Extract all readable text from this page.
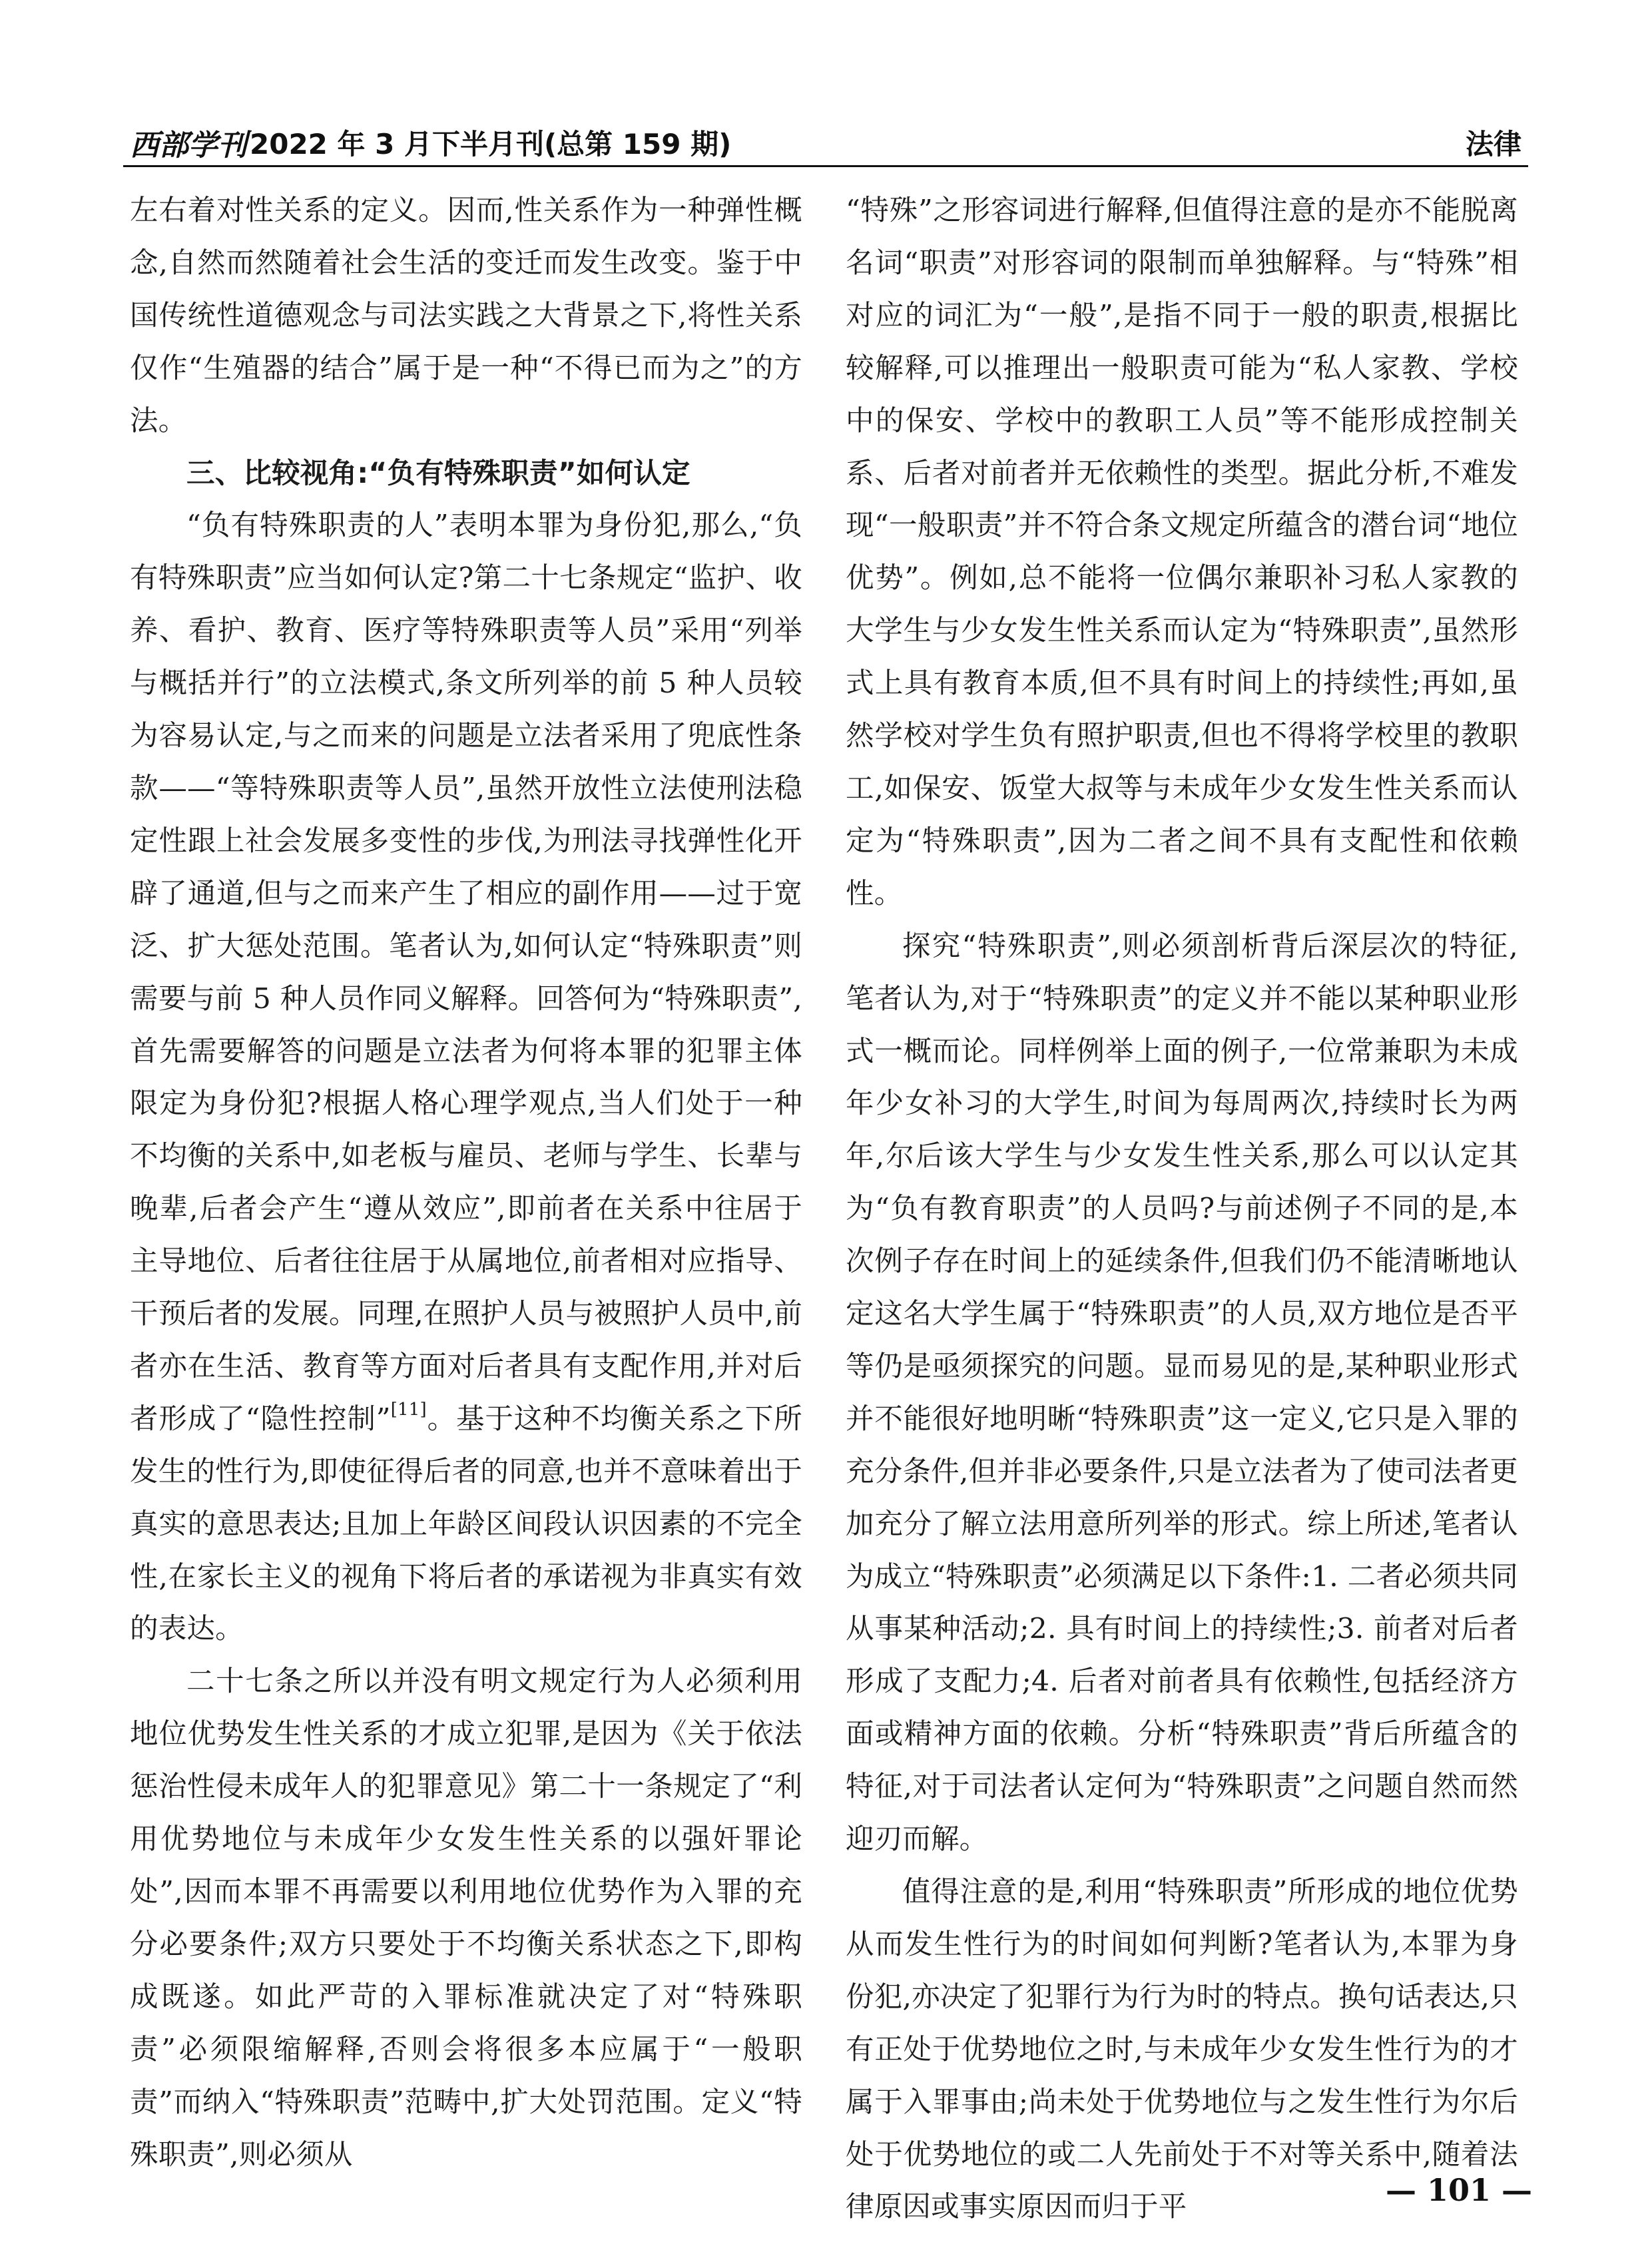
西部学刊 2022 年 3 月下半月刊(总第 159 期)	法律

左右着对性关系的定义。因而,性关系作为一种弹性概念,自然而然随着社会生活的变迁而发生改变。鉴于中国传统性道德观念与司法实践之大背景之下,将性关系仅作“生殖器的结合”属于是一种“不得已而为之”的方法。

三、比较视角:“负有特殊职责”如何认定

“负有特殊职责的人”表明本罪为身份犯,那么,“负有特殊职责”应当如何认定?第二十七条规定“监护、收养、看护、教育、医疗等特殊职责等人员”采用“列举与概括并行”的立法模式,条文所列举的前 5 种人员较为容易认定,与之而来的问题是立法者采用了兜底性条款——“等特殊职责等人员”,虽然开放性立法使刑法稳定性跟上社会发展多变性的步伐,为刑法寻找弹性化开辟了通道,但与之而来产生了相应的副作用——过于宽泛、扩大惩处范围。笔者认为,如何认定“特殊职责”则需要与前 5 种人员作同义解释。回答何为“特殊职责”,首先需要解答的问题是立法者为何将本罪的犯罪主体限定为身份犯?根据人格心理学观点,当人们处于一种不均衡的关系中,如老板与雇员、老师与学生、长辈与晚辈,后者会产生“遵从效应”,即前者在关系中往居于主导地位、后者往往居于从属地位,前者相对应指导、干预后者的发展。同理,在照护人员与被照护人员中,前者亦在生活、教育等方面对后者具有支配作用,并对后者形成了“隐性控制”[11]。基于这种不均衡关系之下所发生的性行为,即使征得后者的同意,也并不意味着出于真实的意思表达;且加上年龄区间段认识因素的不完全性,在家长主义的视角下将后者的承诺视为非真实有效的表达。

二十七条之所以并没有明文规定行为人必须利用地位优势发生性关系的才成立犯罪,是因为《关于依法惩治性侵未成年人的犯罪意见》第二十一条规定了“利用优势地位与未成年少女发生性关系的以强奸罪论处”,因而本罪不再需要以利用地位优势作为入罪的充分必要条件;双方只要处于不均衡关系状态之下,即构成既遂。如此严苛的入罪标准就决定了对“特殊职责”必须限缩解释,否则会将很多本应属于“一般职责”而纳入“特殊职责”范畴中,扩大处罚范围。定义“特殊职责”,则必须从

“特殊”之形容词进行解释,但值得注意的是亦不能脱离名词“职责”对形容词的限制而单独解释。与“特殊”相对应的词汇为“一般”,是指不同于一般的职责,根据比较解释,可以推理出一般职责可能为“私人家教、学校中的保安、学校中的教职工人员”等不能形成控制关系、后者对前者并无依赖性的类型。据此分析,不难发现“一般职责”并不符合条文规定所蕴含的潜台词“地位优势”。例如,总不能将一位偶尔兼职补习私人家教的大学生与少女发生性关系而认定为“特殊职责”,虽然形式上具有教育本质,但不具有时间上的持续性;再如,虽然学校对学生负有照护职责,但也不得将学校里的教职工,如保安、饭堂大叔等与未成年少女发生性关系而认定为“特殊职责”,因为二者之间不具有支配性和依赖性。

探究“特殊职责”,则必须剖析背后深层次的特征,笔者认为,对于“特殊职责”的定义并不能以某种职业形式一概而论。同样例举上面的例子,一位常兼职为未成年少女补习的大学生,时间为每周两次,持续时长为两年,尔后该大学生与少女发生性关系,那么可以认定其为“负有教育职责”的人员吗?与前述例子不同的是,本次例子存在时间上的延续条件,但我们仍不能清晰地认定这名大学生属于“特殊职责”的人员,双方地位是否平等仍是亟须探究的问题。显而易见的是,某种职业形式并不能很好地明晰“特殊职责”这一定义,它只是入罪的充分条件,但并非必要条件,只是立法者为了使司法者更加充分了解立法用意所列举的形式。综上所述,笔者认为成立“特殊职责”必须满足以下条件:1. 二者必须共同从事某种活动;2. 具有时间上的持续性;3. 前者对后者形成了支配力;4. 后者对前者具有依赖性,包括经济方面或精神方面的依赖。分析“特殊职责”背后所蕴含的特征,对于司法者认定何为“特殊职责”之问题自然而然迎刃而解。

值得注意的是,利用“特殊职责”所形成的地位优势从而发生性行为的时间如何判断?笔者认为,本罪为身份犯,亦决定了犯罪行为行为时的特点。换句话表达,只有正处于优势地位之时,与未成年少女发生性行为的才属于入罪事由;尚未处于优势地位与之发生性行为尔后处于优势地位的或二人先前处于不对等关系中,随着法律原因或事实原因而归于平	— 101 —
